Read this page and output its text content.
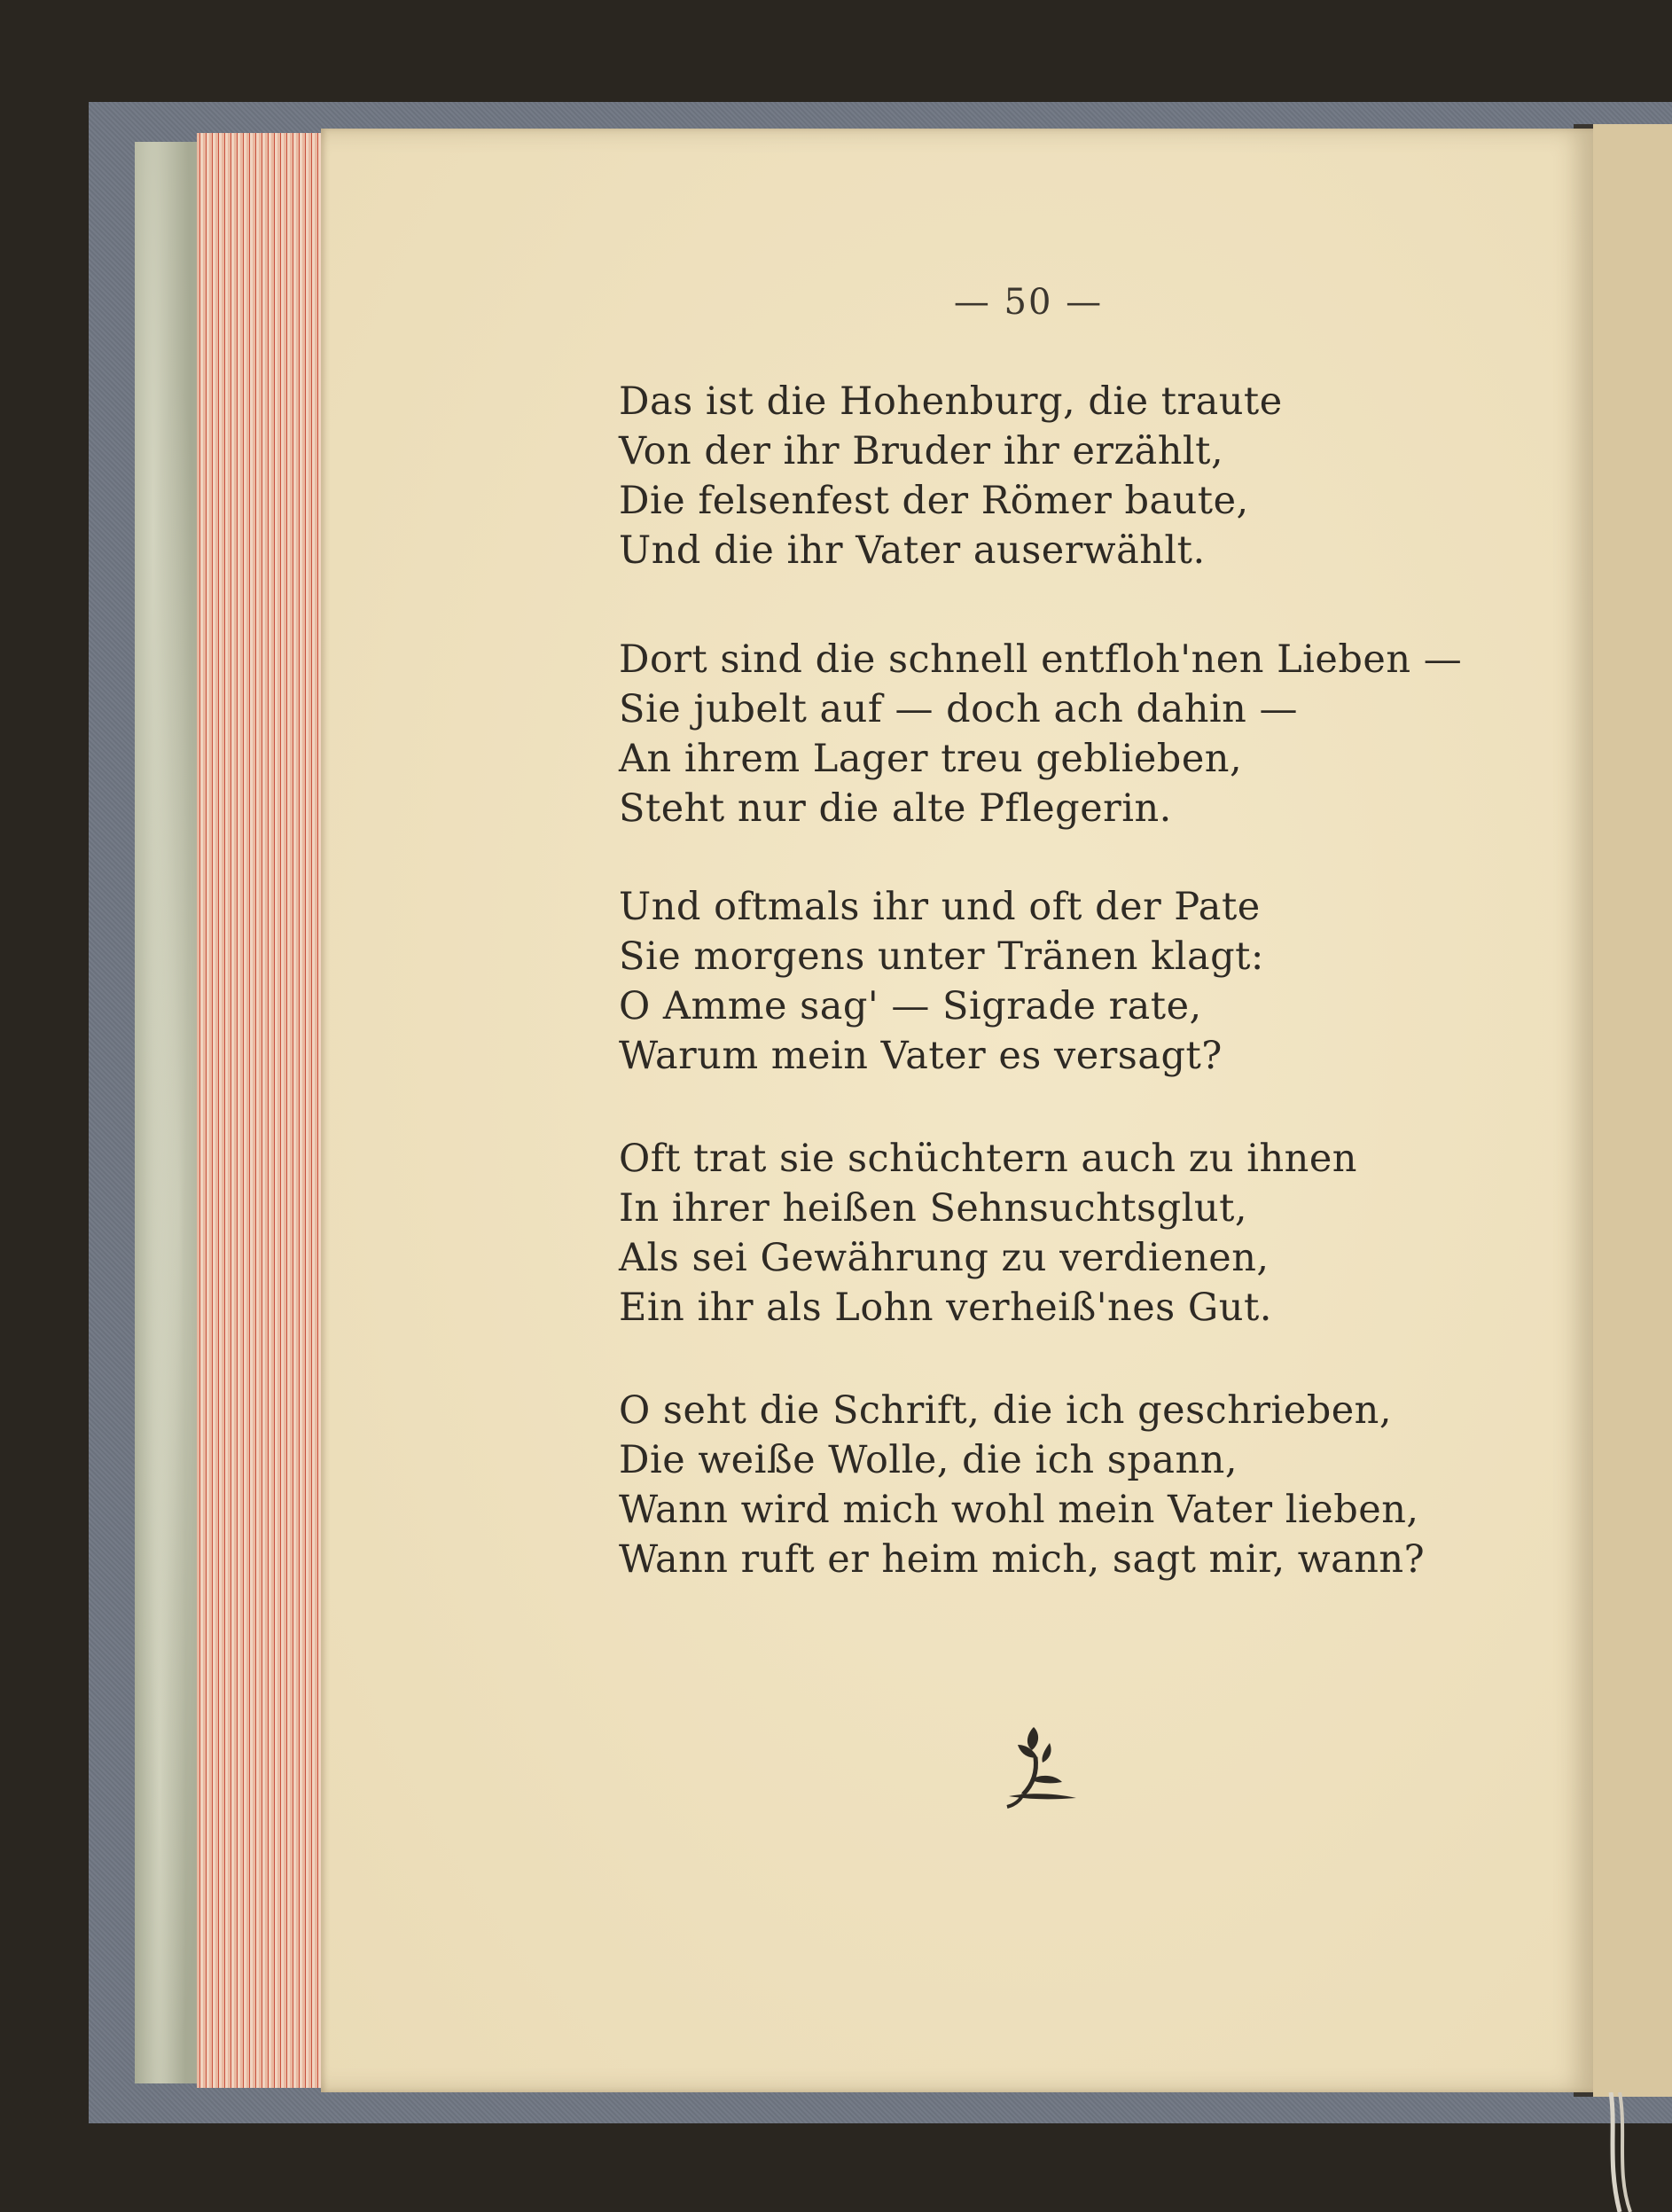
— 50 —
Das ist die Hohenburg, die traute
Von der ihr Bruder ihr erzählt,
Die felsenfest der Römer baute,
Und die ihr Vater auserwählt.
Dort sind die schnell entfloh'nen Lieben —
Sie jubelt auf — doch ach dahin —
An ihrem Lager treu geblieben,
Steht nur die alte Pflegerin.
Und oftmals ihr und oft der Pate
Sie morgens unter Tränen klagt:
O Amme sag' — Sigrade rate,
Warum mein Vater es versagt?
Oft trat sie schüchtern auch zu ihnen
In ihrer heißen Sehnsuchtsglut,
Als sei Gewährung zu verdienen,
Ein ihr als Lohn verheiß'nes Gut.
O seht die Schrift, die ich geschrieben,
Die weiße Wolle, die ich spann,
Wann wird mich wohl mein Vater lieben,
Wann ruft er heim mich, sagt mir, wann?
